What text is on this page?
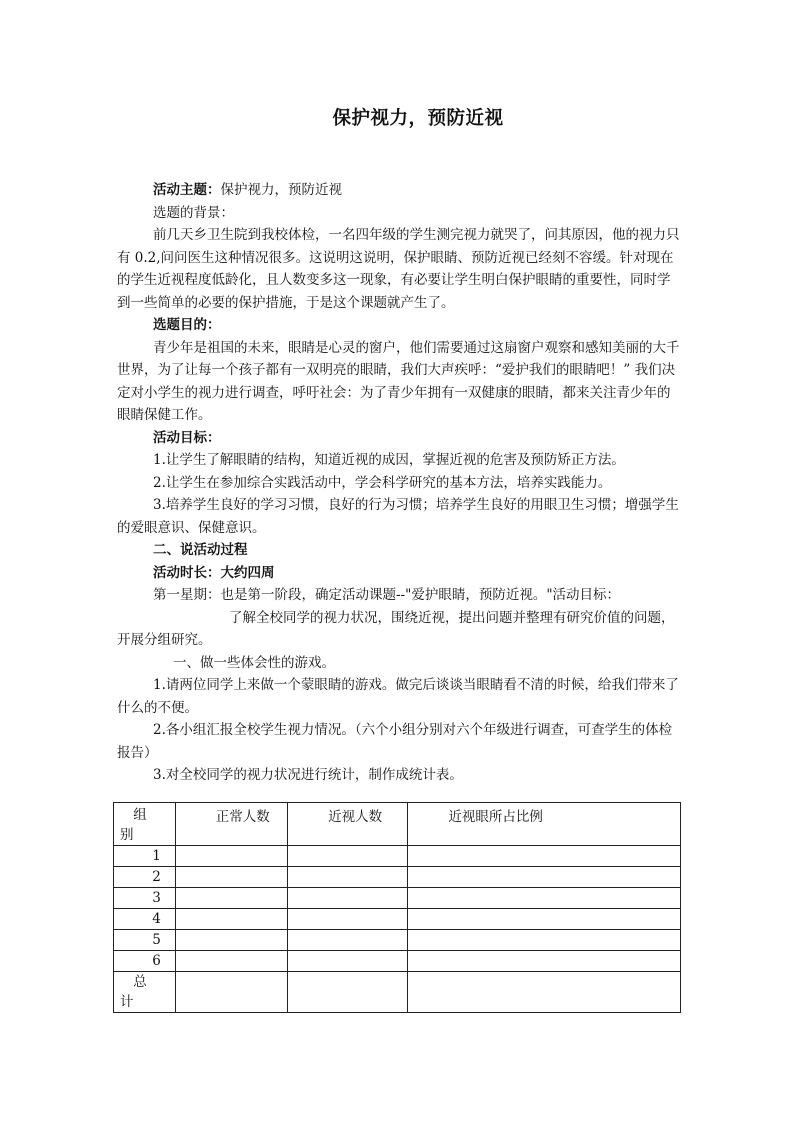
保护视力，预防近视

活动主题：保护视力，预防近视

选题的背景：

前几天乡卫生院到我校体检，一名四年级的学生测完视力就哭了，问其原因，他的视力只有 0.2,问问医生这种情况很多。这说明这说明，保护眼睛、预防近视已经刻不容缓。针对现在的学生近视程度低龄化，且人数变多这一现象，有必要让学生明白保护眼睛的重要性，同时学到一些简单的必要的保护措施，于是这个课题就产生了。

选题目的：

青少年是祖国的未来，眼睛是心灵的窗户，他们需要通过这扇窗户观察和感知美丽的大千世界，为了让每一个孩子都有一双明亮的眼睛，我们大声疾呼：“爱护我们的眼睛吧！” 我们决定对小学生的视力进行调查，呼吁社会：为了青少年拥有一双健康的眼睛，都来关注青少年的眼睛保健工作。

活动目标：

1.让学生了解眼睛的结构，知道近视的成因，掌握近视的危害及预防矫正方法。

2.让学生在参加综合实践活动中，学会科学研究的基本方法，培养实践能力。

3.培养学生良好的学习习惯，良好的行为习惯；培养学生良好的用眼卫生习惯；增强学生的爱眼意识、保健意识。

二、说活动过程

活动时长：大约四周

第一星期：也是第一阶段，确定活动课题--"爱护眼睛，预防近视。"活动目标：

了解全校同学的视力状况，围绕近视，提出问题并整理有研究价值的问题，开展分组研究。

一、做一些体会性的游戏。

1.请两位同学上来做一个蒙眼睛的游戏。做完后谈谈当眼睛看不清的时候，给我们带来了什么的不便。

2.各小组汇报全校学生视力情况。（六个小组分别对六个年级进行调查，可查学生的体检报告）

3.对全校同学的视力状况进行统计，制作成统计表。

组
别	正常人数	近视人数	近视眼所占比例

1			
2			
3			
4			
5			
6			

总
计			
